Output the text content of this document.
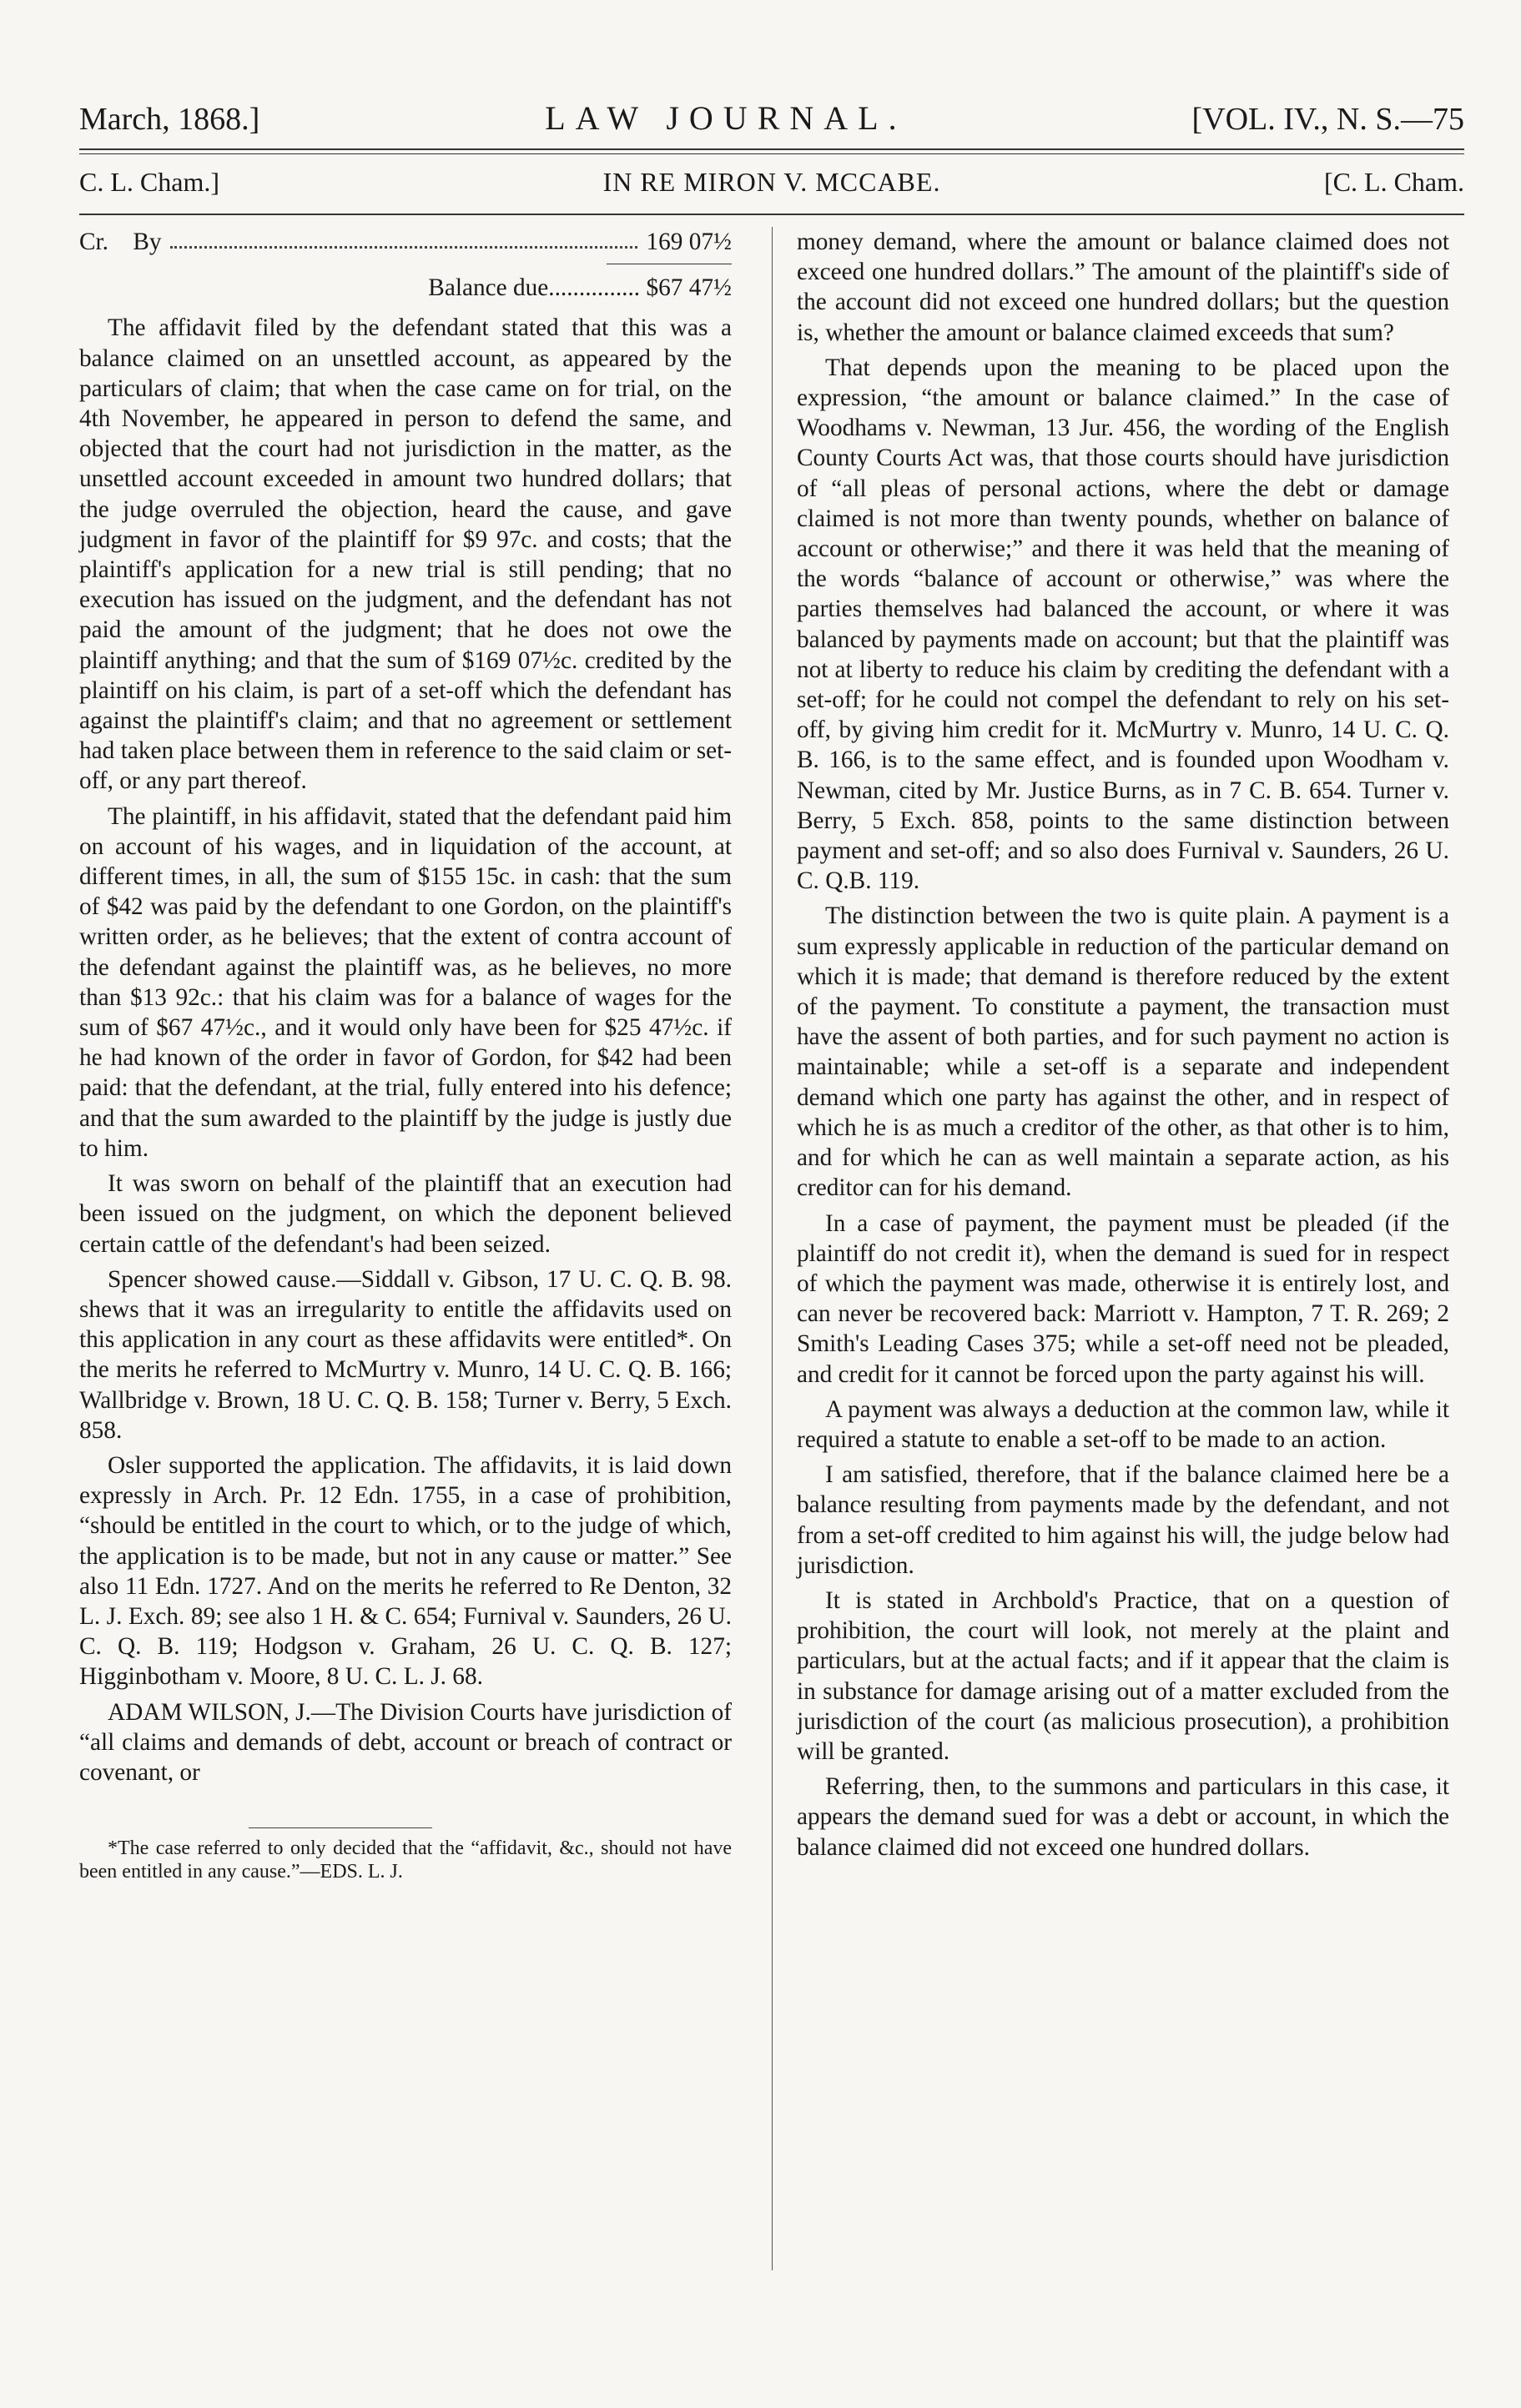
March, 1868.]	LAW JOURNAL.	[VOL. IV., N. S.—75
C. L. Cham.]	IN RE MIRON V. MCCABE.	[C. L. Cham.
Cr. By	169 07½

Balance due............... $67 47½

The affidavit filed by the defendant stated that this was a balance claimed on an unsettled account, as appeared by the particulars of claim; that when the case came on for trial, on the 4th November, he appeared in person to defend the same, and objected that the court had not jurisdiction in the matter, as the unsettled account exceeded in amount two hundred dollars; that the judge overruled the objection, heard the cause, and gave judgment in favor of the plaintiff for $9 97c. and costs; that the plaintiff's application for a new trial is still pending; that no execution has issued on the judgment, and the defendant has not paid the amount of the judgment; that he does not owe the plaintiff anything; and that the sum of $169 07½c. credited by the plaintiff on his claim, is part of a set-off which the defendant has against the plaintiff's claim; and that no agreement or settlement had taken place between them in reference to the said claim or set-off, or any part thereof.

The plaintiff, in his affidavit, stated that the defendant paid him on account of his wages, and in liquidation of the account, at different times, in all, the sum of $155 15c. in cash: that the sum of $42 was paid by the defendant to one Gordon, on the plaintiff's written order, as he believes; that the extent of contra account of the defendant against the plaintiff was, as he believes, no more than $13 92c.: that his claim was for a balance of wages for the sum of $67 47½c., and it would only have been for $25 47½c. if he had known of the order in favor of Gordon, for $42 had been paid: that the defendant, at the trial, fully entered into his defence; and that the sum awarded to the plaintiff by the judge is justly due to him.

It was sworn on behalf of the plaintiff that an execution had been issued on the judgment, on which the deponent believed certain cattle of the defendant's had been seized.

Spencer showed cause.—Siddall v. Gibson, 17 U. C. Q. B. 98. shews that it was an irregularity to entitle the affidavits used on this application in any court as these affidavits were entitled*. On the merits he referred to McMurtry v. Munro, 14 U. C. Q. B. 166; Wallbridge v. Brown, 18 U. C. Q. B. 158; Turner v. Berry, 5 Exch. 858.

Osler supported the application. The affidavits, it is laid down expressly in Arch. Pr. 12 Edn. 1755, in a case of prohibition, “should be entitled in the court to which, or to the judge of which, the application is to be made, but not in any cause or matter.” See also 11 Edn. 1727. And on the merits he referred to Re Denton, 32 L. J. Exch. 89; see also 1 H. & C. 654; Furnival v. Saunders, 26 U. C. Q. B. 119; Hodgson v. Graham, 26 U. C. Q. B. 127; Higginbotham v. Moore, 8 U. C. L. J. 68.

ADAM WILSON, J.—The Division Courts have jurisdiction of “all claims and demands of debt, account or breach of contract or covenant, or

*The case referred to only decided that the “affidavit, &c., should not have been entitled in any cause.”—EDS. L. J.

money demand, where the amount or balance claimed does not exceed one hundred dollars.” The amount of the plaintiff's side of the account did not exceed one hundred dollars; but the question is, whether the amount or balance claimed exceeds that sum?

That depends upon the meaning to be placed upon the expression, “the amount or balance claimed.” In the case of Woodhams v. Newman, 13 Jur. 456, the wording of the English County Courts Act was, that those courts should have jurisdiction of “all pleas of personal actions, where the debt or damage claimed is not more than twenty pounds, whether on balance of account or otherwise;” and there it was held that the meaning of the words “balance of account or otherwise,” was where the parties themselves had balanced the account, or where it was balanced by payments made on account; but that the plaintiff was not at liberty to reduce his claim by crediting the defendant with a set-off; for he could not compel the defendant to rely on his set-off, by giving him credit for it. McMurtry v. Munro, 14 U. C. Q. B. 166, is to the same effect, and is founded upon Woodham v. Newman, cited by Mr. Justice Burns, as in 7 C. B. 654. Turner v. Berry, 5 Exch. 858, points to the same distinction between payment and set-off; and so also does Furnival v. Saunders, 26 U. C. Q.B. 119.

The distinction between the two is quite plain. A payment is a sum expressly applicable in reduction of the particular demand on which it is made; that demand is therefore reduced by the extent of the payment. To constitute a payment, the transaction must have the assent of both parties, and for such payment no action is maintainable; while a set-off is a separate and independent demand which one party has against the other, and in respect of which he is as much a creditor of the other, as that other is to him, and for which he can as well maintain a separate action, as his creditor can for his demand.

In a case of payment, the payment must be pleaded (if the plaintiff do not credit it), when the demand is sued for in respect of which the payment was made, otherwise it is entirely lost, and can never be recovered back: Marriott v. Hampton, 7 T. R. 269; 2 Smith's Leading Cases 375; while a set-off need not be pleaded, and credit for it cannot be forced upon the party against his will.

A payment was always a deduction at the common law, while it required a statute to enable a set-off to be made to an action.

I am satisfied, therefore, that if the balance claimed here be a balance resulting from payments made by the defendant, and not from a set-off credited to him against his will, the judge below had jurisdiction.

It is stated in Archbold's Practice, that on a question of prohibition, the court will look, not merely at the plaint and particulars, but at the actual facts; and if it appear that the claim is in substance for damage arising out of a matter excluded from the jurisdiction of the court (as malicious prosecution), a prohibition will be granted.

Referring, then, to the summons and particulars in this case, it appears the demand sued for was a debt or account, in which the balance claimed did not exceed one hundred dollars.
